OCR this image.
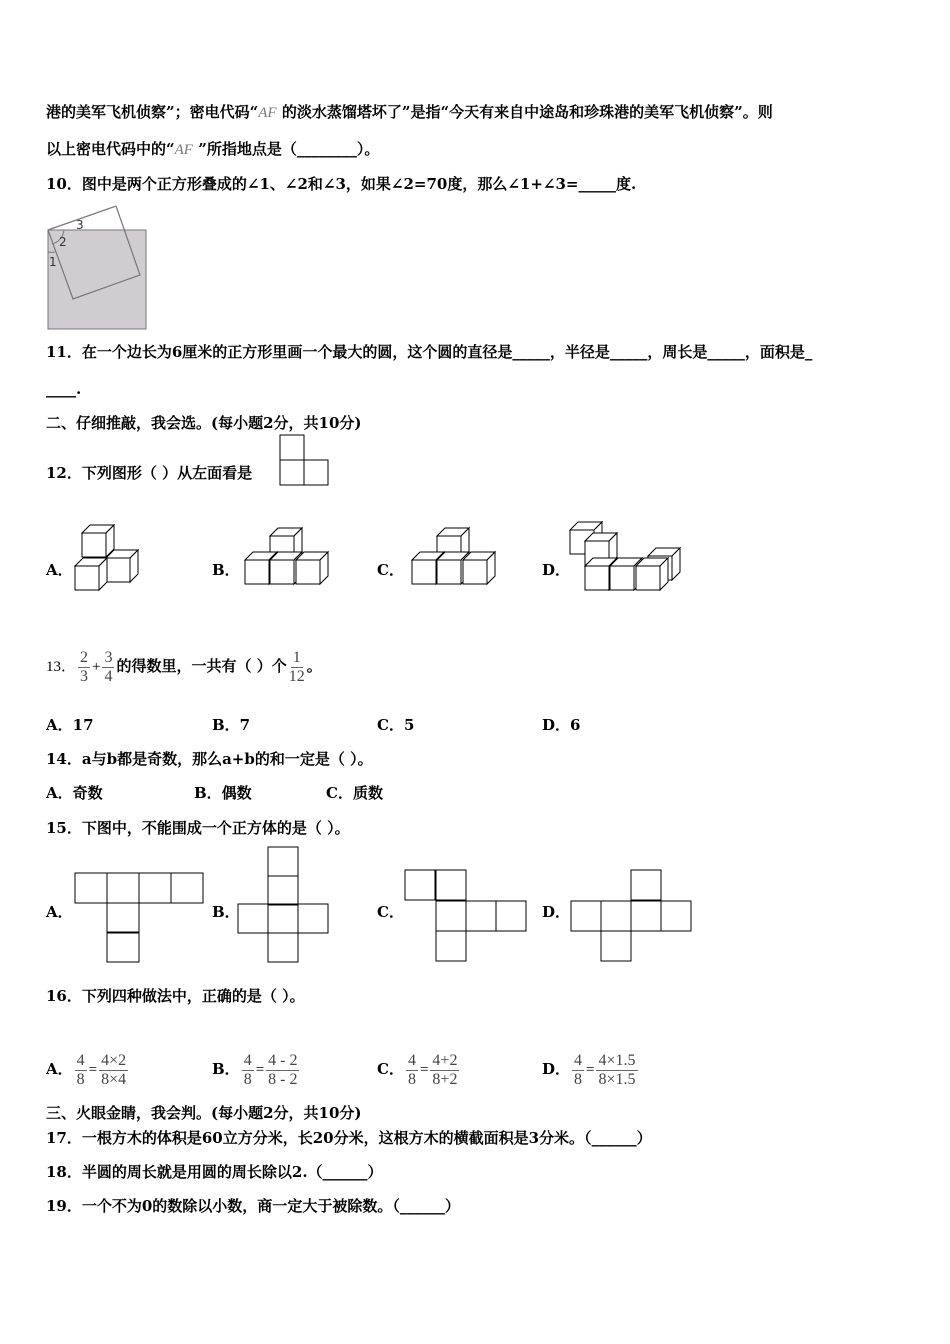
港的美军飞机侦察”；密电代码“AF 的淡水蒸馏塔坏了”是指“今天有来自中途岛和珍珠港的美军飞机侦察”。则
以上密电代码中的“AF ”所指地点是（________）。
10．图中是两个正方形叠成的∠1、∠2和∠3，如果∠2=70度，那么∠1+∠3=_____度.
1
2
3
11．在一个边长为6厘米的正方形里画一个最大的圆，这个圆的直径是_____，半径是_____，周长是_____，面积是_
____.
二、仔细推敲，我会选。(每小题2分，共10分)
12．下列图形（ ）从左面看是
A．	B．	C．	D．
13． $\frac{2}{3} + \frac{3}{4}$ 的得数里，一共有（ ）个 $\frac{1}{12}$ 。
A．17	B．7	C．5	D．6
14．a与b都是奇数，那么a+b的和一定是（ ）。
A．奇数	B．偶数	C．质数
15．下图中，不能围成一个正方体的是（ ）。
A．	B．	C．	D．
16．下列四种做法中，正确的是（ ）。
A． $\frac{4}{8} = \frac{4\times 2}{8\times 4}$	B． $\frac{4}{8} = \frac{4 - 2}{8 - 2}$	C． $\frac{4}{8} = \frac{4+2}{8+2}$	D． $\frac{4}{8} = \frac{4\times 1.5}{8\times 1.5}$
三、火眼金睛，我会判。(每小题2分，共10分)
17．一根方木的体积是60立方分米，长20分米，这根方木的横截面积是3分米。（______）
18．半圆的周长就是用圆的周长除以2.（______）
19．一个不为0的数除以小数，商一定大于被除数。（______）
